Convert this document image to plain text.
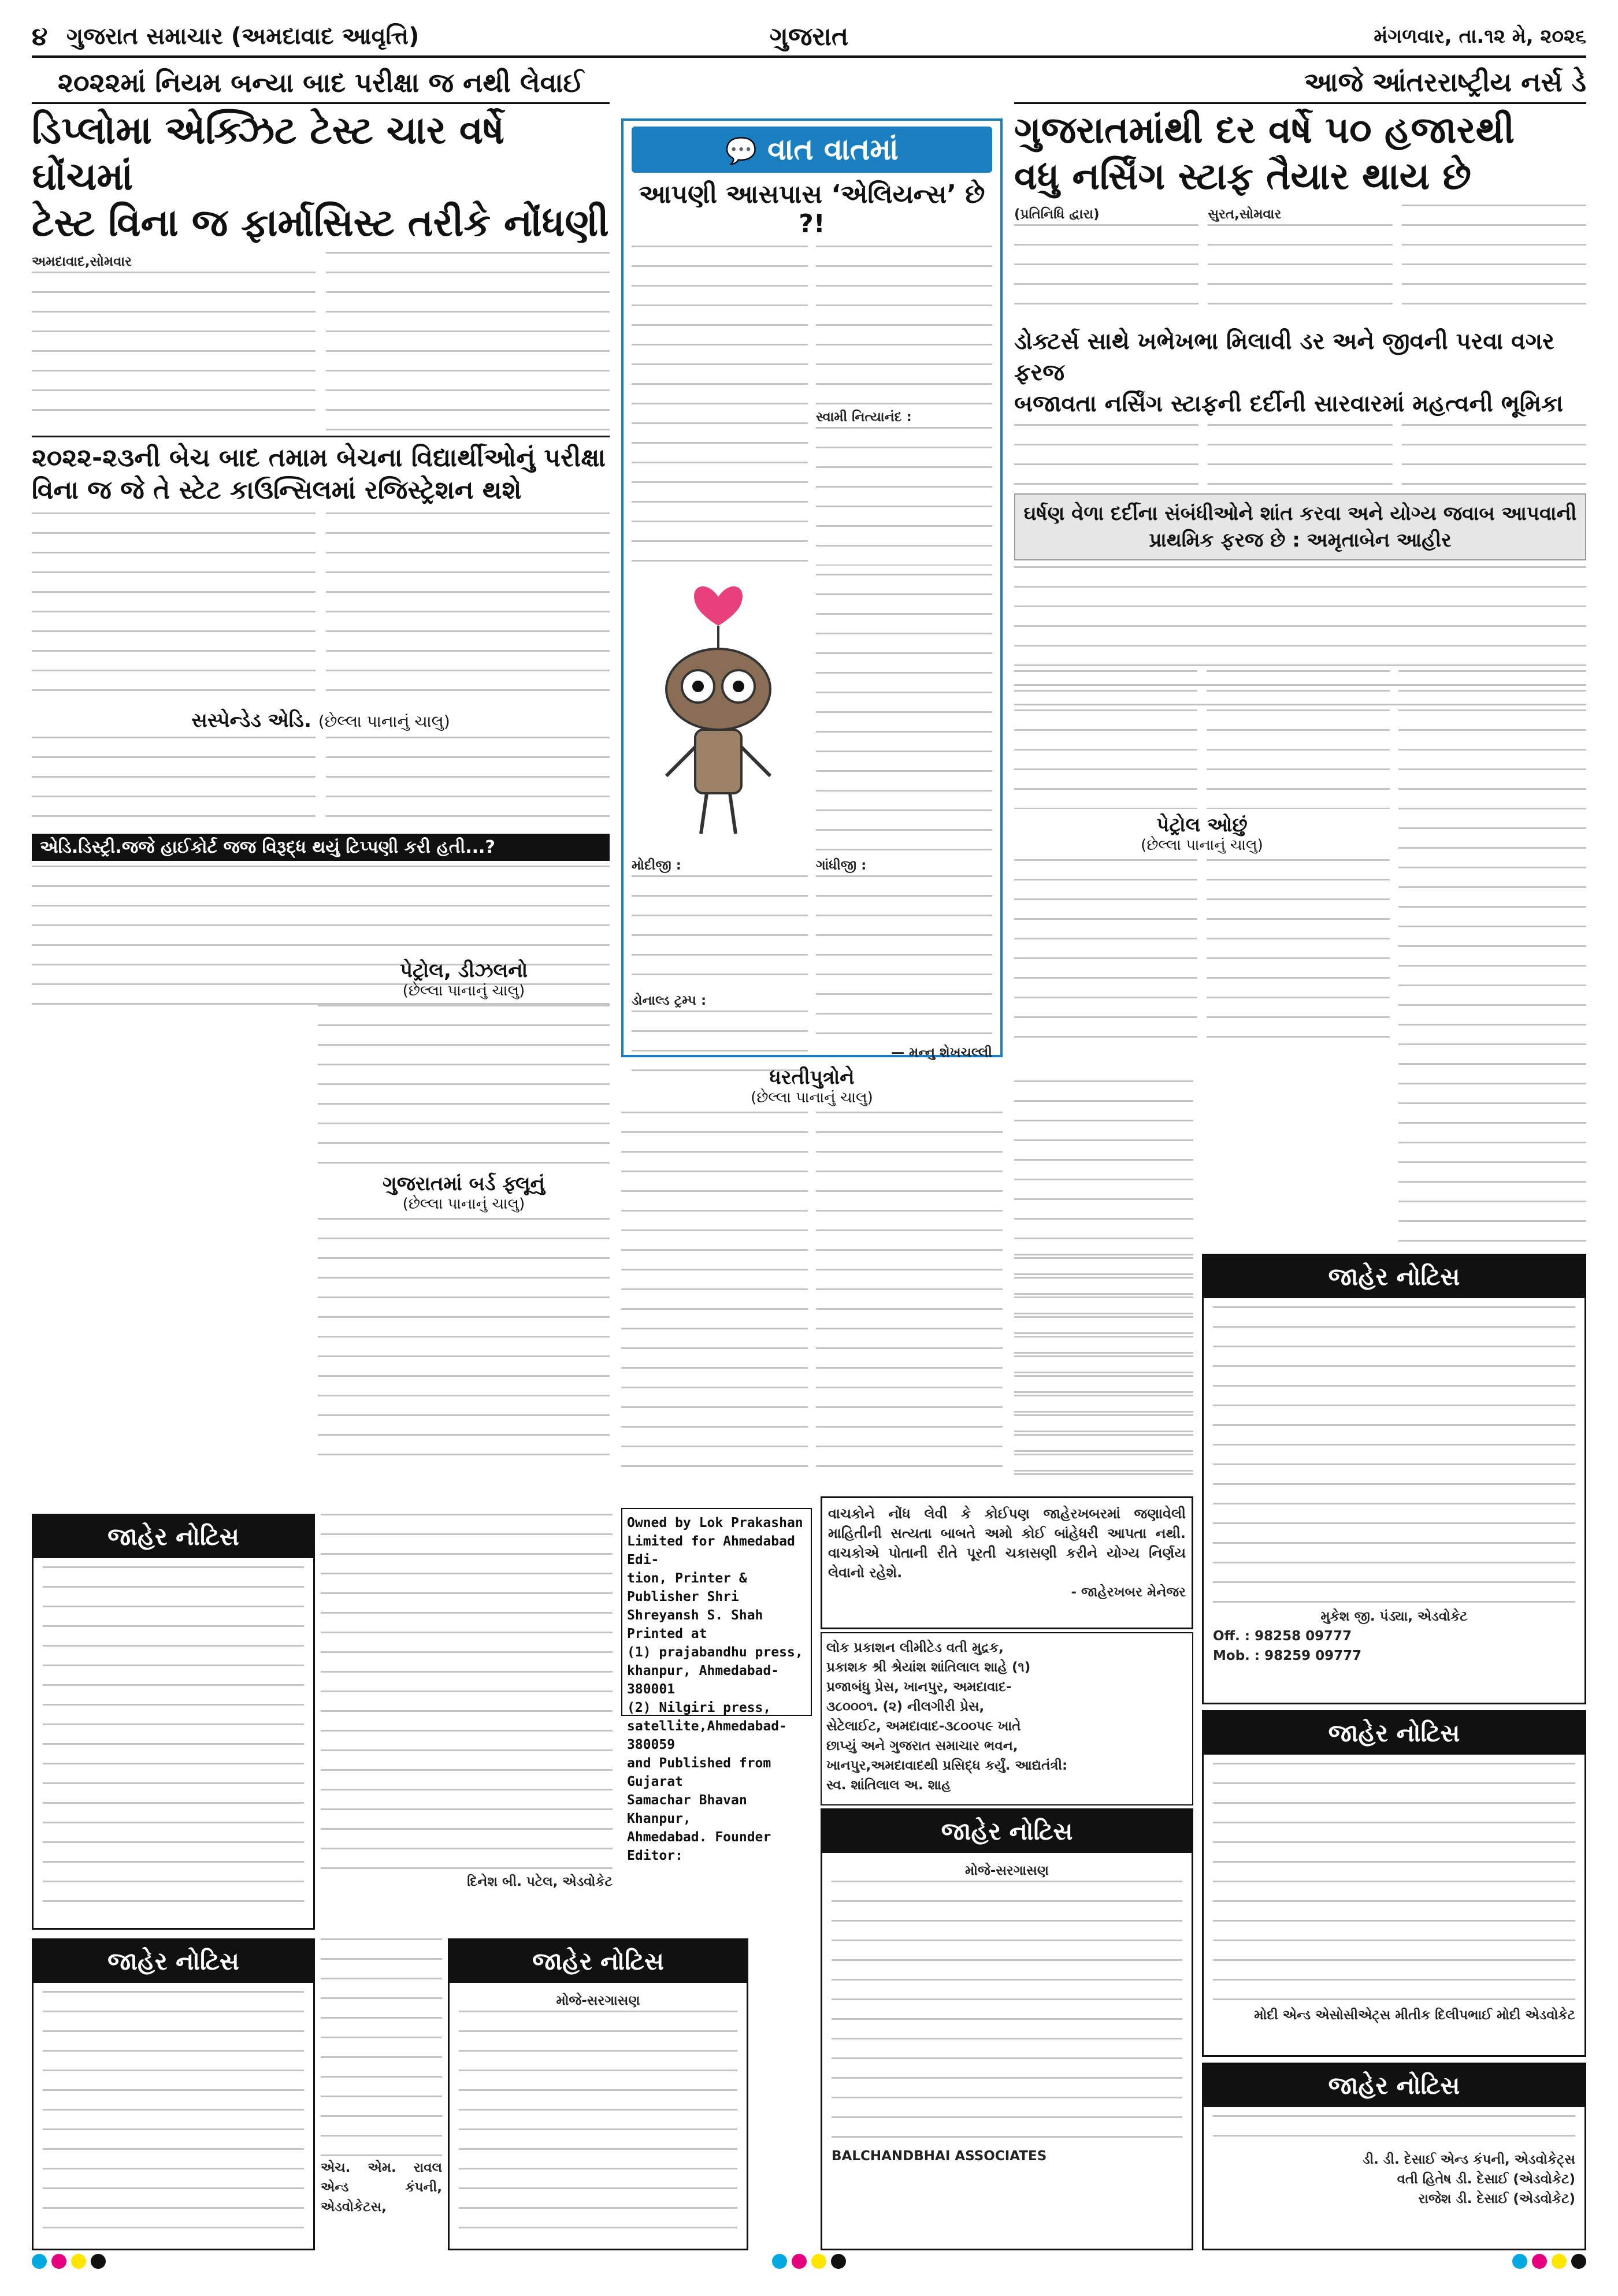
૪ ગુજરાત સમાચાર (અમદાવાદ આવૃત્તિ)	ગુજરાત	મંગળવાર, તા.૧૨ મે, ૨૦૨૬
૨૦૨૨માં નિયમ બન્યા બાદ પરીક્ષા જ નથી લેવાઈ
ડિપ્લોમા એક્ઝિટ ટેસ્ટ ચાર વર્ષે ઘોંચમાં
ટેસ્ટ વિના જ ફાર્માસિસ્ટ તરીકે નોંધણી
અમદાવાદ,સોમવાર
૨૦૨૨-૨૩ની બેચ બાદ તમામ બેચના વિદ્યાર્થીઓનું પરીક્ષા વિના જ જે તે સ્ટેટ કાઉન્સિલમાં રજિસ્ટ્રેશન થશે
સસ્પેન્ડેડ એડિ. (છેલ્લા પાનાનું ચાલુ)
એડિ.ડિસ્ટ્રી.જજે હાઈકોર્ટ જજ વિરૂદ્ધ થયું ટિપ્પણી કરી હતી...?
💬 વાત વાતમાં
આપણી આસપાસ ‘એલિયન્સ’ છે ?!
સ્વામી નિત્યાનંદ :
મોદીજી :
ડોનાલ્ડ ટ્રમ્પ :
ગાંધીજી :
— મન્નુ શેખચલ્લી
આજે આંતરરાષ્ટ્રીય નર્સ ડે
ગુજરાતમાંથી દર વર્ષે ૫૦ હજારથી
વધુ નર્સિંગ સ્ટાફ તૈયાર થાય છે
(પ્રતિનિધિ દ્વારા)	સુરત,સોમવાર
ડોક્ટર્સ સાથે ખભેખભા મિલાવી ડર અને જીવની પરવા વગર ફરજ
બજાવતા નર્સિંગ સ્ટાફની દર્દીની સારવારમાં મહત્વની ભૂમિકા
ઘર્ષણ વેળા દર્દીના સંબંધીઓને શાંત કરવા અને યોગ્ય જવાબ આપવાની પ્રાથમિક ફરજ છે : અમૃતાબેન આહીર
પેટ્રોલ ઓછું
(છેલ્લા પાનાનું ચાલુ)
પેટ્રોલ, ડીઝલનો
(છેલ્લા પાનાનું ચાલુ)
ગુજરાતમાં બર્ડ ફ્લૂનું
(છેલ્લા પાનાનું ચાલુ)
ધરતીપુત્રોને
(છેલ્લા પાનાનું ચાલુ)
Owned by Lok Prakashan
Limited for Ahmedabad Edi-
tion, Printer & Publisher Shri
Shreyansh S. Shah Printed at
(1) prajabandhu press,
khanpur, Ahmedabad-380001
(2) Nilgiri press,
satellite,Ahmedabad- 380059
and Published from Gujarat
Samachar Bhavan Khanpur,
Ahmedabad. Founder Editor:
લોક પ્રકાશન લીમીટેડ વતી મુદ્રક,
પ્રકાશક શ્રી શ્રેયાંશ શાંતિલાલ શાહે (૧)
પ્રજાબંધુ પ્રેસ, ખાનપુર, અમદાવાદ-
૩૮૦૦૦૧. (૨) નીલગીરી પ્રેસ,
સેટેલાઈટ, અમદાવાદ-૩૮૦૦૫૯ ખાતે
છાપ્યું અને ગુજરાત સમાચાર ભવન,
ખાનપુર,અમદાવાદથી પ્રસિદ્ધ કર્યું. આદ્યતંત્રી:
સ્વ. શાંતિલાલ અ. શાહ
વાચકોને નોંધ લેવી કે કોઈપણ જાહેરખબરમાં જણાવેલી માહિતીની સત્યતા બાબતે અમો કોઈ બાંહેધરી આપતા નથી. વાચકોએ પોતાની રીતે પૂરતી ચકાસણી કરીને યોગ્ય નિર્ણય લેવાનો રહેશે.
- જાહેરખબર મેનેજર
જાહેર નોટિસ
દિનેશ બી. પટેલ, એડવોકેટ
જાહેર નોટિસ
એચ. એમ. રાવલ એન્ડ કંપની, એડવોકેટસ,
જાહેર નોટિસ
મોજે-સરગાસણ
જાહેર નોટિસ
મોજે-સરગાસણ
BALCHANDBHAI ASSOCIATES
જાહેર નોટિસ
મુકેશ જી. પંડ્યા, એડવોકેટ
Off. : 98258 09777
Mob. : 98259 09777
જાહેર નોટિસ
મોદી એન્ડ એસોસીએટ્સ મીતીક દિલીપભાઈ મોદી એડવોકેટ
જાહેર નોટિસ
ડી. ડી. દેસાઈ એન્ડ કંપની, એડવોકેટ્સ
વતી હિતેષ ડી. દેસાઈ (એડવોકેટ)
રાજેશ ડી. દેસાઈ (એડવોકેટ)
